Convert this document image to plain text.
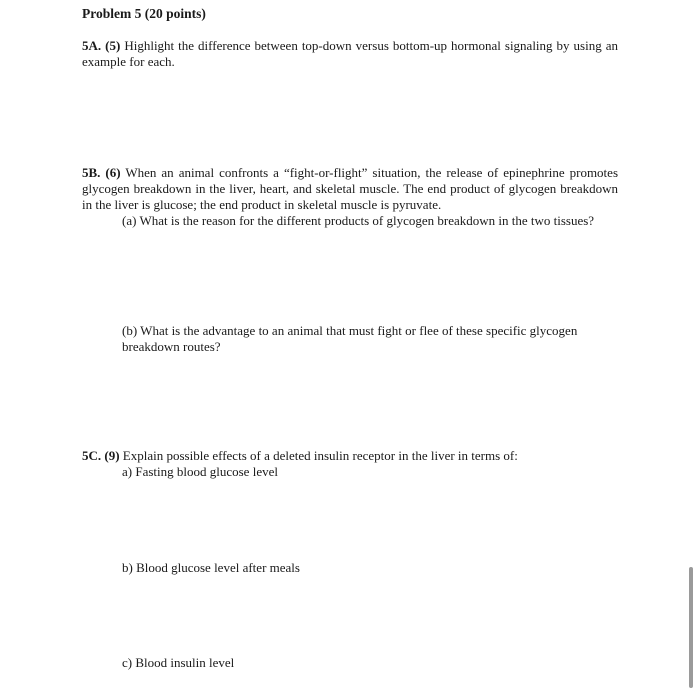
Problem 5 (20 points)
5A. (5) Highlight the difference between top-down versus bottom-up hormonal signaling by using an example for each.
5B. (6) When an animal confronts a “fight-or-flight” situation, the release of epinephrine promotes glycogen breakdown in the liver, heart, and skeletal muscle. The end product of glycogen breakdown in the liver is glucose; the end product in skeletal muscle is pyruvate.
(a) What is the reason for the different products of glycogen breakdown in the two tissues?
(b) What is the advantage to an animal that must fight or flee of these specific glycogen breakdown routes?
5C. (9) Explain possible effects of a deleted insulin receptor in the liver in terms of:
a) Fasting blood glucose level
b) Blood glucose level after meals
c) Blood insulin level
